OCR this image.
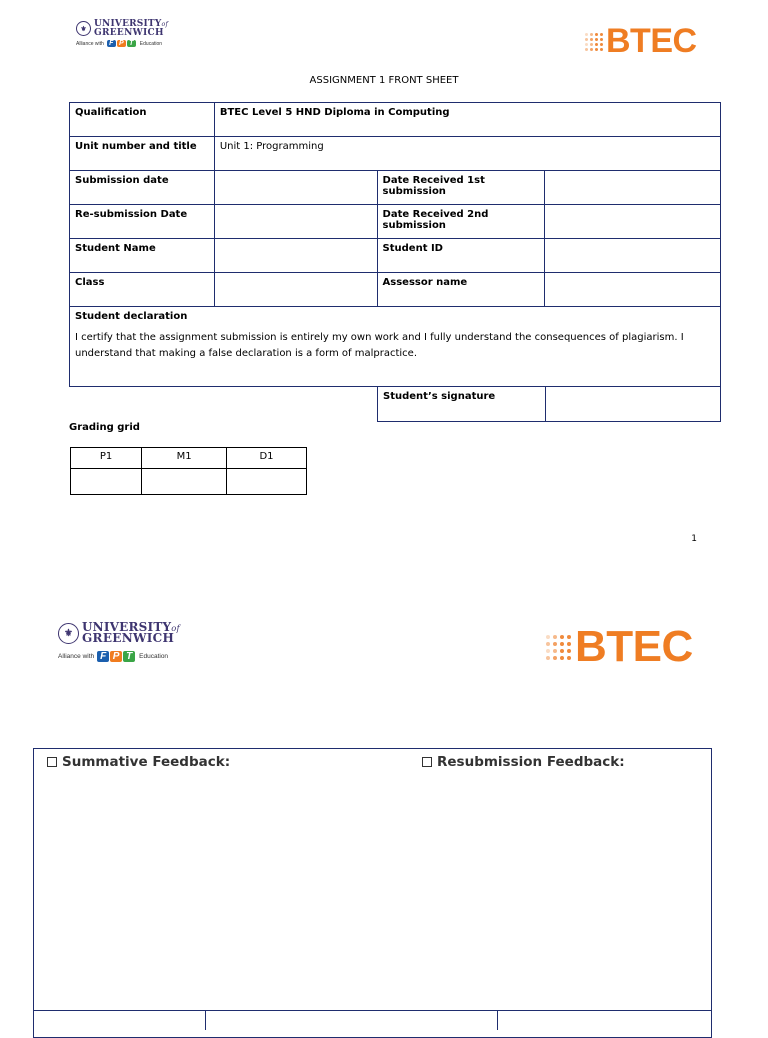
⚜ UNIVERSITYof
GREENWICH
Alliance with F P T	Education	BTEC
ASSIGNMENT 1 FRONT SHEET
Qualification	BTEC Level 5 HND Diploma in Computing		
Unit number and title	Unit 1: Programming		
Submission date		Date Received 1st submission	
Re-submission Date		Date Received 2nd submission	
Student Name		Student ID	
Class		Assessor name	

Student declaration
I certify that the assignment submission is entirely my own work and I fully understand the consequences of plagiarism. I understand that making a false declaration is a form of malpractice.			
Student’s signature	
Grading grid
P1	M1	D1

1
⚜ UNIVERSITYof
GREENWICH
Alliance with F P T	Education	BTEC
Summative Feedback:	Resubmission Feedback:
